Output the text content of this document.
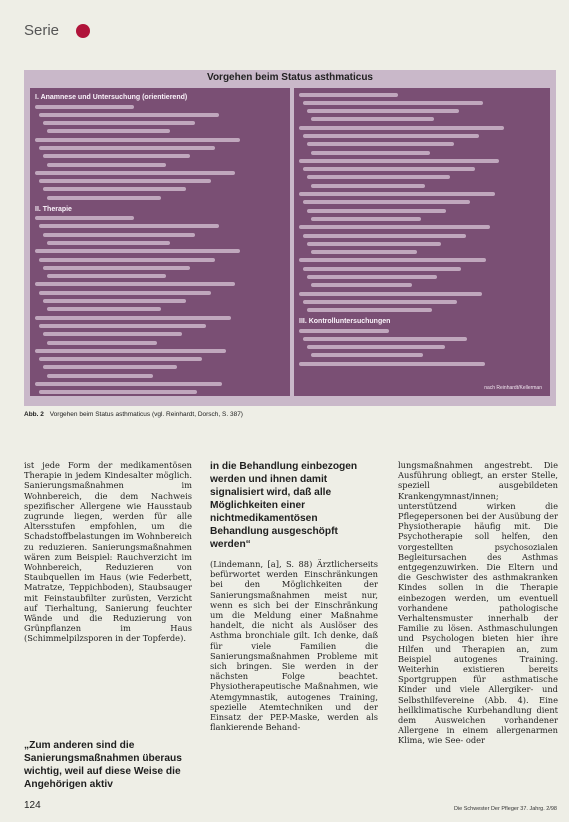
Serie
Vorgehen beim Status asthmaticus
I. Anamnese und Untersuchung (orientierend)
II. Therapie
III. Kontrolluntersuchungen
nach Reinhardt/Kellerman
Abb. 2 Vorgehen beim Status asthmaticus (vgl. Reinhardt, Dorsch, S. 387)

ist jede Form der medikamentösen Therapie in jedem Kindesalter möglich. Sanierungsmaßnahmen im Wohnbereich, die dem Nachweis spezifischer Allergene wie Hausstaub zugrunde liegen, werden für alle Altersstufen empfohlen, um die Schadstoffbelastungen im Wohnbereich zu reduzieren. Sanierungsmaßnahmen wären zum Beispiel: Rauchverzicht im Wohnbereich, Reduzieren von Staubquellen im Haus (wie Federbett, Matratze, Teppichboden), Staubsauger mit Feinstaubfilter zurüsten, Verzicht auf Tierhaltung, Sanierung feuchter Wände und die Reduzierung von Grünpflanzen im Haus (Schimmelpilzsporen in der Topferde).

„Zum anderen sind die Sanierungsmaßnahmen überaus wichtig, weil auf diese Weise die Angehörigen aktiv
in die Behandlung einbezogen werden und ihnen damit signalisiert wird, daß alle Möglichkeiten einer nichtmedikamentösen Behandlung ausgeschöpft werden“

(Lindemann, [a], S. 88) Ärztlicherseits befürwortet werden Einschränkungen bei den Möglichkeiten der Sanierungsmaßnahmen meist nur, wenn es sich bei der Einschränkung um die Meldung einer Maßnahme handelt, die nicht als Auslöser des Asthma bronchiale gilt. Ich denke, daß für viele Familien die Sanierungsmaßnahmen Probleme mit sich bringen. Sie werden in der nächsten Folge beachtet. Physiotherapeutische Maßnahmen, wie Atemgymnastik, autogenes Training, spezielle Atemtechniken und der Einsatz der PEP-Maske, werden als flankierende Behand-

lungsmaßnahmen angestrebt. Die Ausführung obliegt, an erster Stelle, speziell ausgebildeten Krankengymnast/innen; unterstützend wirken die Pflegepersonen bei der Ausübung der Physiotherapie häufig mit. Die Psychotherapie soll helfen, den vorgestellten psychosozialen Begleitursachen des Asthmas entgegenzuwirken. Die Eltern und die Geschwister des asthmakranken Kindes sollen in die Therapie einbezogen werden, um eventuell vorhandene pathologische Verhaltensmuster innerhalb der Familie zu lösen. Asthmaschulungen und Psychologen bieten hier ihre Hilfen und Therapien an, zum Beispiel autogenes Training. Weiterhin existieren bereits Sportgruppen für asthmatische Kinder und viele Allergiker- und Selbsthilfevereine (Abb. 4). Eine heilklimatische Kurbehandlung dient dem Ausweichen vorhandener Allergene in einem allergenarmen Klima, wie See- oder

124	Die Schwester Der Pfleger 37. Jahrg. 2/98
